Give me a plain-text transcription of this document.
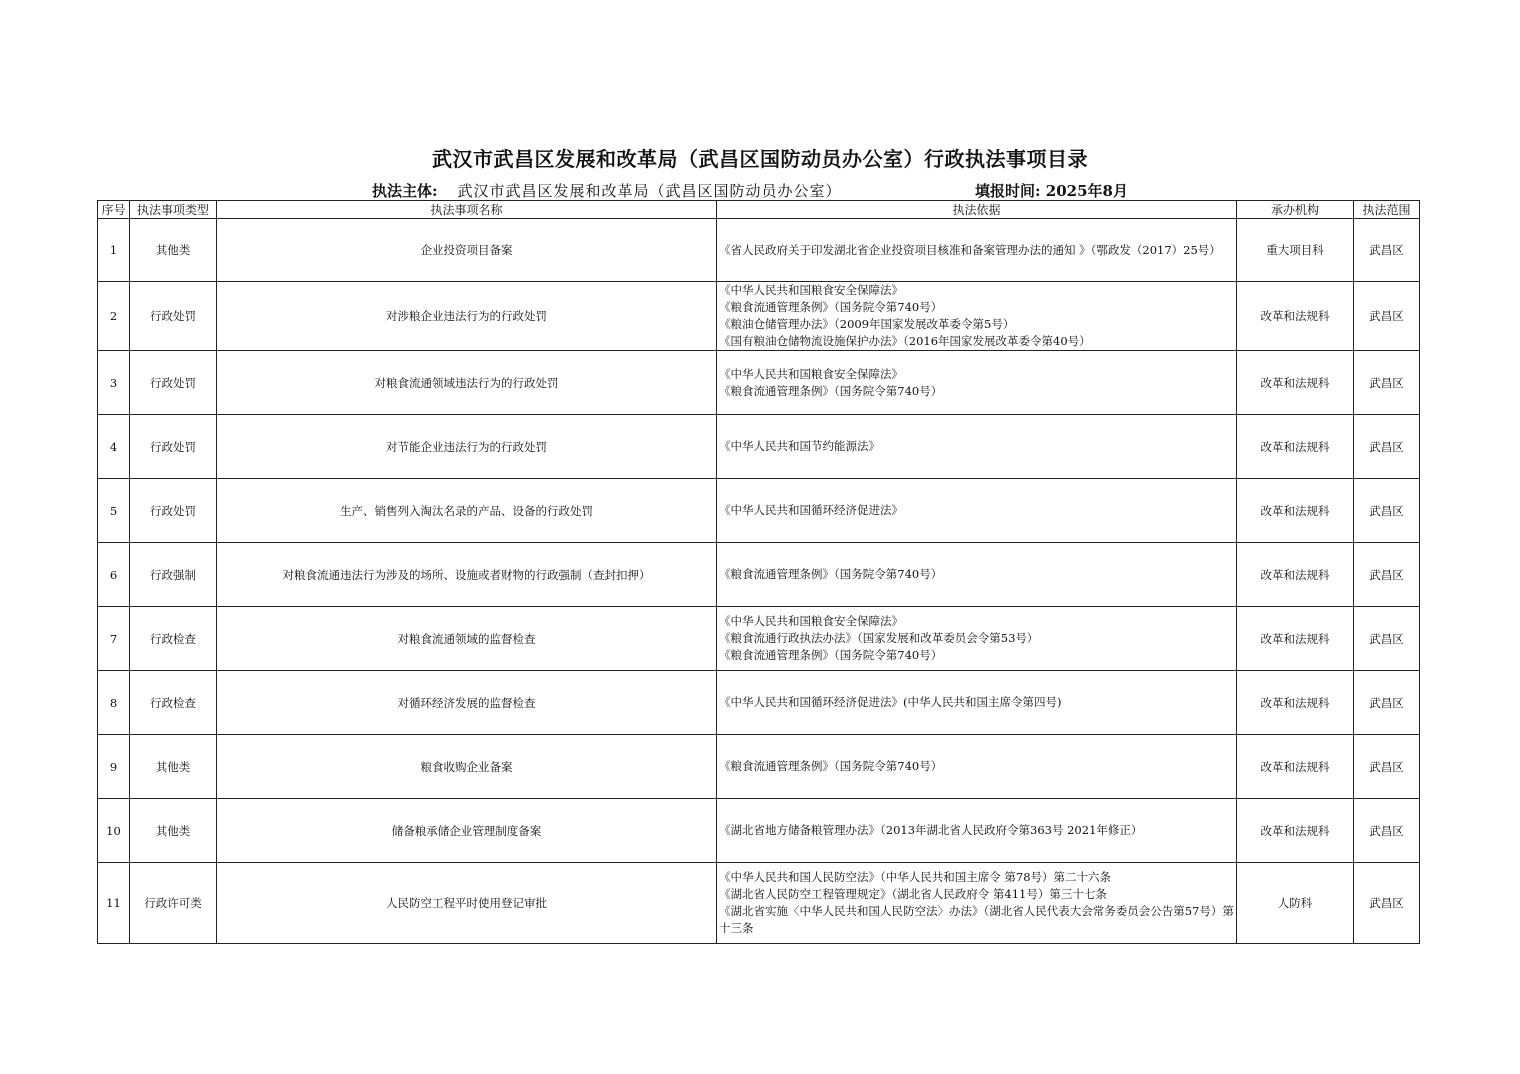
武汉市武昌区发展和改革局（武昌区国防动员办公室）行政执法事项目录
执法主体: 武汉市武昌区发展和改革局（武昌区国防动员办公室）	填报时间: 2025年8月
序号	执法事项类型	执法事项名称	执法依据	承办机构	执法范围
1	其他类	企业投资项目备案	《省人民政府关于印发湖北省企业投资项目核准和备案管理办法的通知 》（鄂政发（2017）25号）	重大项目科	武昌区
2	行政处罚	对涉粮企业违法行为的行政处罚	《中华人民共和国粮食安全保障法》
《粮食流通管理条例》（国务院令第740号）
《粮油仓储管理办法》（2009年国家发展改革委令第5号）
《国有粮油仓储物流设施保护办法》（2016年国家发展改革委令第40号）	改革和法规科	武昌区
3	行政处罚	对粮食流通领域违法行为的行政处罚	《中华人民共和国粮食安全保障法》
《粮食流通管理条例》（国务院令第740号）	改革和法规科	武昌区
4	行政处罚	对节能企业违法行为的行政处罚	《中华人民共和国节约能源法》	改革和法规科	武昌区
5	行政处罚	生产、销售列入淘汰名录的产品、设备的行政处罚	《中华人民共和国循环经济促进法》	改革和法规科	武昌区
6	行政强制	对粮食流通违法行为涉及的场所、设施或者财物的行政强制（查封扣押）	《粮食流通管理条例》（国务院令第740号）	改革和法规科	武昌区
7	行政检查	对粮食流通领域的监督检查	《中华人民共和国粮食安全保障法》
《粮食流通行政执法办法》（国家发展和改革委员会令第53号）
《粮食流通管理条例》（国务院令第740号）	改革和法规科	武昌区
8	行政检查	对循环经济发展的监督检查	《中华人民共和国循环经济促进法》(中华人民共和国主席令第四号)	改革和法规科	武昌区
9	其他类	粮食收购企业备案	《粮食流通管理条例》（国务院令第740号）	改革和法规科	武昌区
10	其他类	储备粮承储企业管理制度备案	《湖北省地方储备粮管理办法》（2013年湖北省人民政府令第363号 2021年修正）	改革和法规科	武昌区
11	行政许可类	人民防空工程平时使用登记审批	《中华人民共和国人民防空法》（中华人民共和国主席令 第78号）第二十六条
《湖北省人民防空工程管理规定》（湖北省人民政府令 第411号）第三十七条
《湖北省实施〈中华人民共和国人民防空法〉办法》（湖北省人民代表大会常务委员会公告第57号）第十三条	人防科	武昌区
